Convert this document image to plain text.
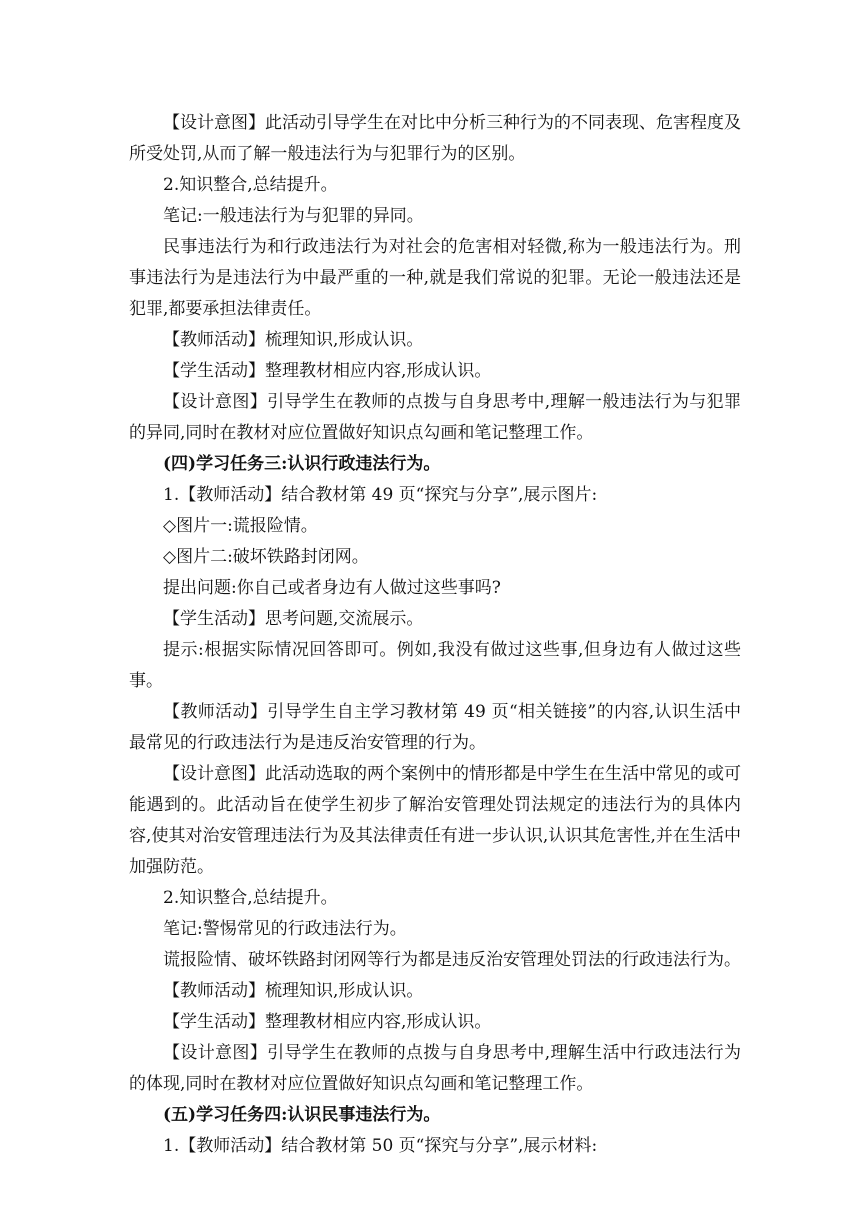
【设计意图】此活动引导学生在对比中分析三种行为的不同表现、危害程度及所受处罚,从而了解一般违法行为与犯罪行为的区别。

2.知识整合,总结提升。

笔记:一般违法行为与犯罪的异同。

民事违法行为和行政违法行为对社会的危害相对轻微,称为一般违法行为。刑事违法行为是违法行为中最严重的一种,就是我们常说的犯罪。无论一般违法还是犯罪,都要承担法律责任。

【教师活动】梳理知识,形成认识。

【学生活动】整理教材相应内容,形成认识。

【设计意图】引导学生在教师的点拨与自身思考中,理解一般违法行为与犯罪的异同,同时在教材对应位置做好知识点勾画和笔记整理工作。

(四)学习任务三:认识行政违法行为。

1.【教师活动】结合教材第 49 页“探究与分享”,展示图片:

◇图片一:谎报险情。

◇图片二:破坏铁路封闭网。

提出问题:你自己或者身边有人做过这些事吗?

【学生活动】思考问题,交流展示。

提示:根据实际情况回答即可。例如,我没有做过这些事,但身边有人做过这些事。

【教师活动】引导学生自主学习教材第 49 页“相关链接”的内容,认识生活中最常见的行政违法行为是违反治安管理的行为。

【设计意图】此活动选取的两个案例中的情形都是中学生在生活中常见的或可能遇到的。此活动旨在使学生初步了解治安管理处罚法规定的违法行为的具体内容,使其对治安管理违法行为及其法律责任有进一步认识,认识其危害性,并在生活中加强防范。

2.知识整合,总结提升。

笔记:警惕常见的行政违法行为。

谎报险情、破坏铁路封闭网等行为都是违反治安管理处罚法的行政违法行为。

【教师活动】梳理知识,形成认识。

【学生活动】整理教材相应内容,形成认识。

【设计意图】引导学生在教师的点拨与自身思考中,理解生活中行政违法行为的体现,同时在教材对应位置做好知识点勾画和笔记整理工作。

(五)学习任务四:认识民事违法行为。

1.【教师活动】结合教材第 50 页“探究与分享”,展示材料:
